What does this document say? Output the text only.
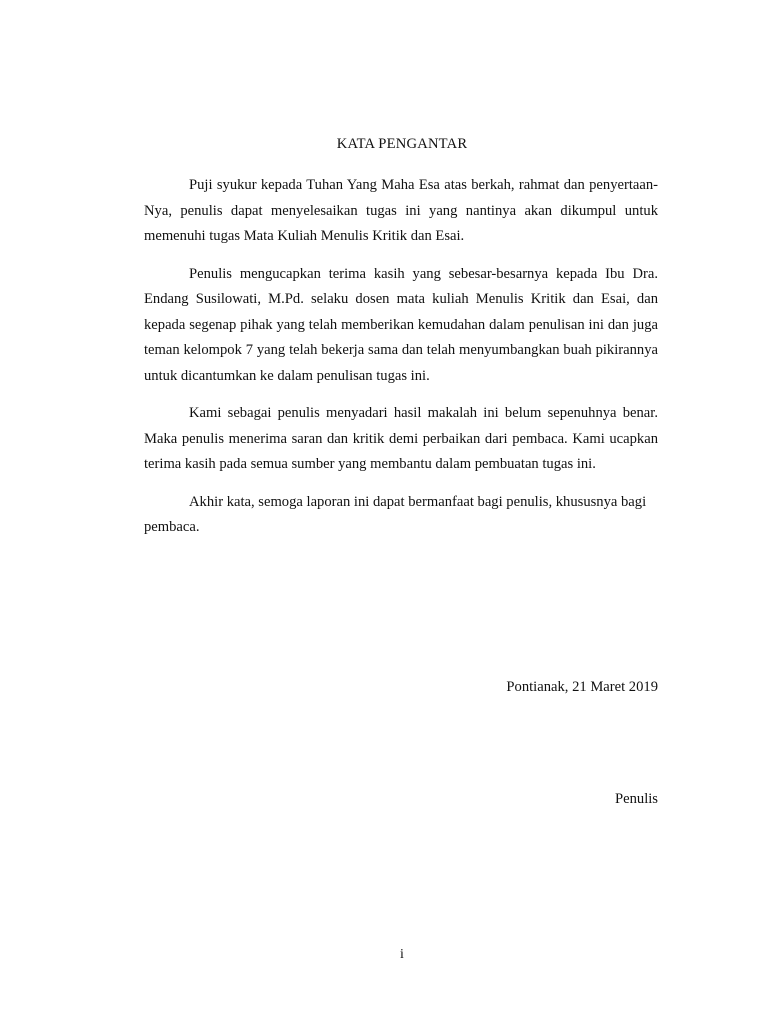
KATA PENGANTAR

Puji syukur kepada Tuhan Yang Maha Esa atas berkah, rahmat dan penyertaan-Nya, penulis dapat menyelesaikan tugas ini yang nantinya akan dikumpul untuk memenuhi tugas Mata Kuliah Menulis Kritik dan Esai.

Penulis mengucapkan terima kasih yang sebesar-besarnya kepada Ibu Dra. Endang Susilowati, M.Pd. selaku dosen mata kuliah Menulis Kritik dan Esai, dan kepada segenap pihak yang telah memberikan kemudahan dalam penulisan ini dan juga teman kelompok 7 yang telah bekerja sama dan telah menyumbangkan buah pikirannya untuk dicantumkan ke dalam penulisan tugas ini.

Kami sebagai penulis menyadari hasil makalah ini belum sepenuhnya benar. Maka penulis menerima saran dan kritik demi perbaikan dari pembaca. Kami ucapkan terima kasih pada semua sumber yang membantu dalam pembuatan tugas ini.

Akhir kata, semoga laporan ini dapat bermanfaat bagi penulis, khususnya bagi pembaca.

Pontianak, 21 Maret 2019
Penulis
i
